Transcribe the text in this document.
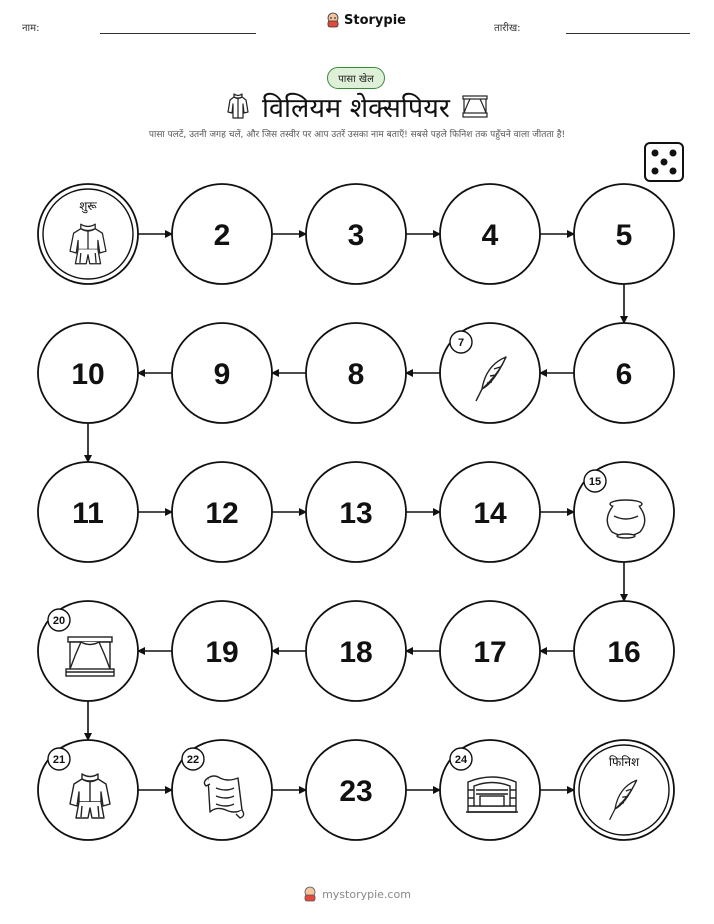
नाम:
Storypie
तारीख:
पासा खेल
विलियम शेक्सपियर
पासा पलटें, उतनी जगह चलें, और जिस तस्वीर पर आप उतरें उसका नाम बताएँ! सबसे पहले फिनिश तक पहुँचने वाला जीतता है!
शुरू
2	3	4	5
6
7
8
9
10
11	12	13	14
15
16
17
18
19
20
21	22
23
24	फिनिश
mystorypie.com
